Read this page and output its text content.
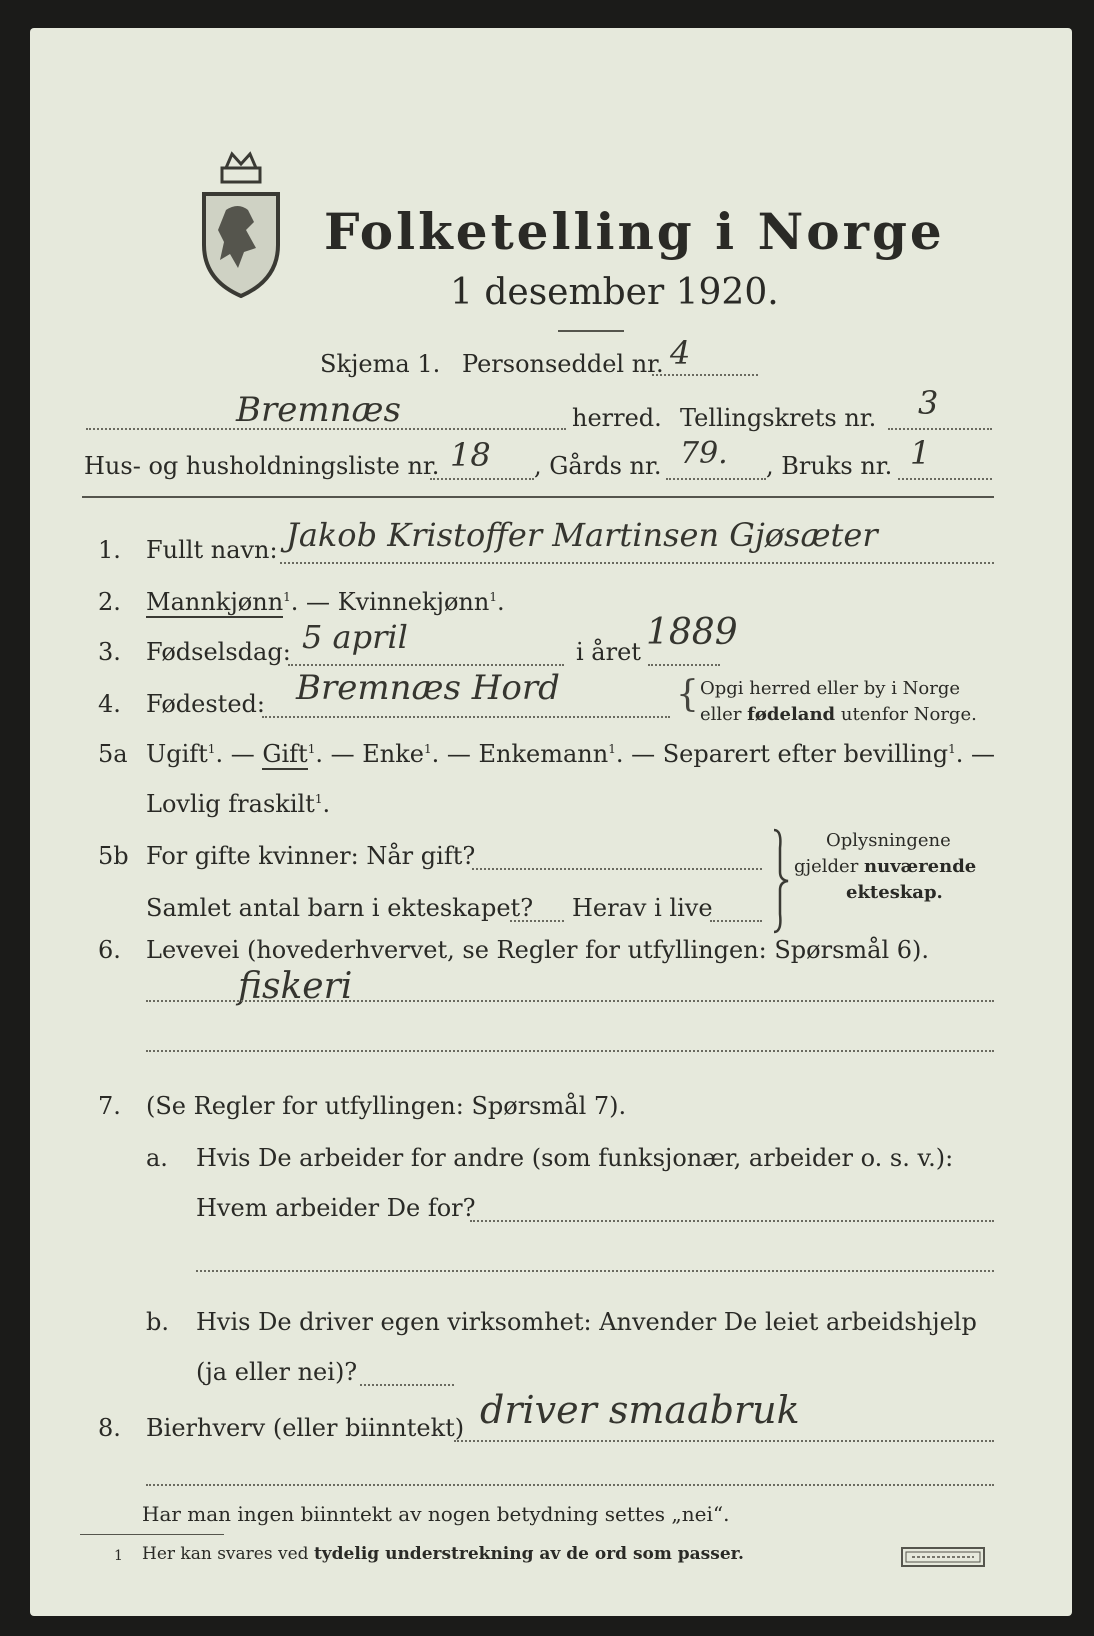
Folketelling i Norge
1 desember 1920.
Skjema 1. Personseddel nr. 4
Bremnæs	herred. Tellingskrets nr. 3
Hus- og husholdningsliste nr. 18 , Gårds nr. 79. , Bruks nr. 1
1. Fullt navn: Jakob Kristoffer Martinsen Gjøsæter
2. Mannkjønn$^1$. — Kvinnekjønn$^1$.
3. Fødselsdag: 5 april	i året 1889
4. Fødested: Bremnæs Hord	{ Opgi herred eller by i Norge
eller fødeland utenfor Norge.
5a Ugift$^1$. — Gift$^1$. — Enke$^1$. — Enkemann$^1$. — Separert efter bevilling$^1$. —
Lovlig fraskilt$^1$.
5b For gifte kvinner: Når gift?
Samlet antal barn i ekteskapet? Herav i live
Oplysningene
gjelder nuværende
ekteskap.
6. Levevei (hovederhvervet, se Regler for utfyllingen: Spørsmål 6).
fiskeri
7. (Se Regler for utfyllingen: Spørsmål 7).
a. Hvis De arbeider for andre (som funksjonær, arbeider o. s. v.):
Hvem arbeider De for?
b. Hvis De driver egen virksomhet: Anvender De leiet arbeidshjelp
(ja eller nei)?
8. Bierhverv (eller biinntekt) driver smaabruk
Har man ingen biinntekt av nogen betydning settes „nei“.
1 Her kan svares ved tydelig understrekning av de ord som passer.
